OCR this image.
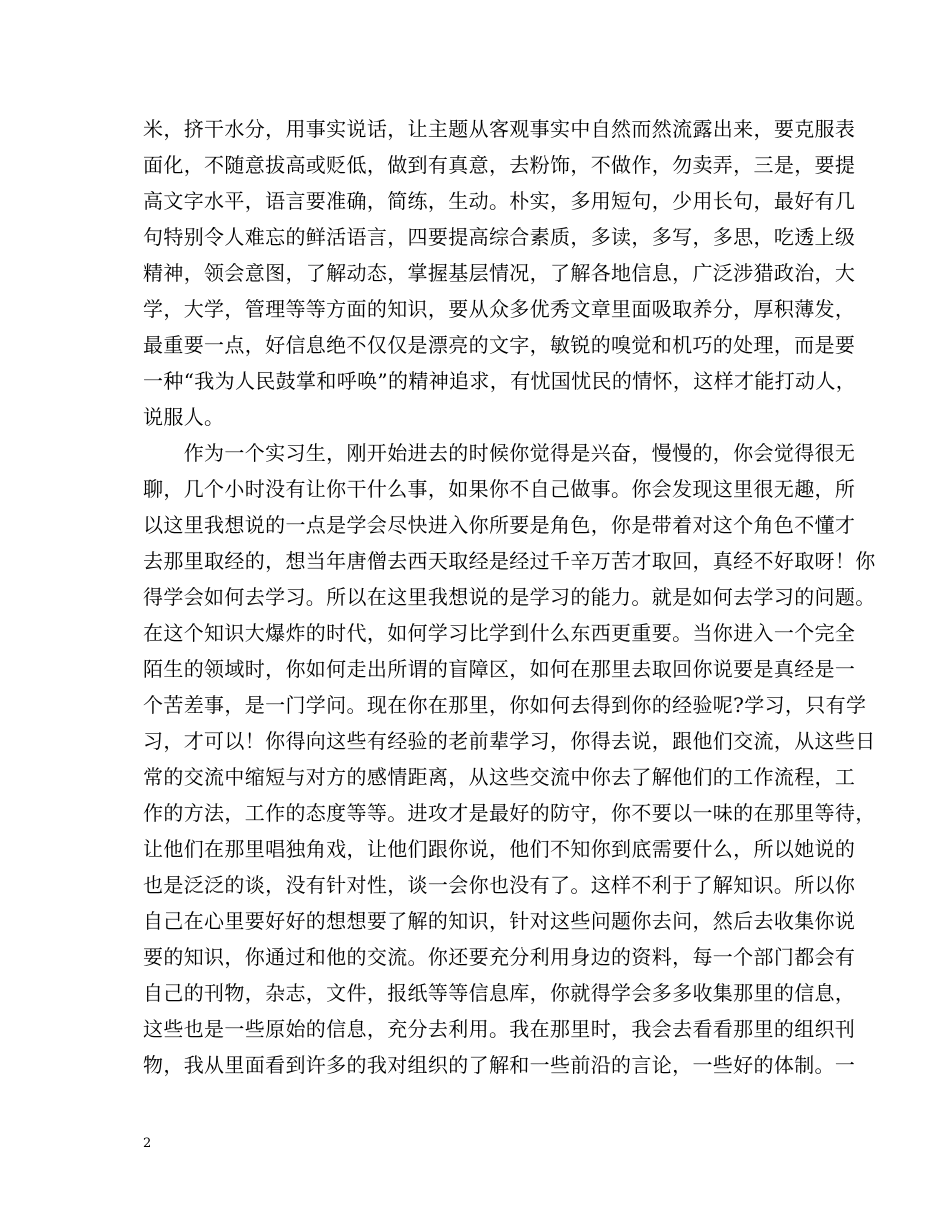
米，挤干水分，用事实说话，让主题从客观事实中自然而然流露出来，要克服表
面化，不随意拔高或贬低，做到有真意，去粉饰，不做作，勿卖弄，三是，要提
高文字水平，语言要准确，简练，生动。朴实，多用短句，少用长句，最好有几
句特别令人难忘的鲜活语言，四要提高综合素质，多读，多写，多思，吃透上级
精神，领会意图，了解动态，掌握基层情况，了解各地信息，广泛涉猎政治，大
学，大学，管理等等方面的知识，要从众多优秀文章里面吸取养分，厚积薄发，
最重要一点，好信息绝不仅仅是漂亮的文字，敏锐的嗅觉和机巧的处理，而是要
一种“我为人民鼓掌和呼唤”的精神追求，有忧国忧民的情怀，这样才能打动人，
说服人。
　　作为一个实习生，刚开始进去的时候你觉得是兴奋，慢慢的，你会觉得很无
聊，几个小时没有让你干什么事，如果你不自己做事。你会发现这里很无趣，所
以这里我想说的一点是学会尽快进入你所要是角色，你是带着对这个角色不懂才
去那里取经的，想当年唐僧去西天取经是经过千辛万苦才取回，真经不好取呀！你
得学会如何去学习。所以在这里我想说的是学习的能力。就是如何去学习的问题。
在这个知识大爆炸的时代，如何学习比学到什么东西更重要。当你进入一个完全
陌生的领域时，你如何走出所谓的盲障区，如何在那里去取回你说要是真经是一
个苦差事，是一门学问。现在你在那里，你如何去得到你的经验呢?学习，只有学
习，才可以！你得向这些有经验的老前辈学习，你得去说，跟他们交流，从这些日
常的交流中缩短与对方的感情距离，从这些交流中你去了解他们的工作流程，工
作的方法，工作的态度等等。进攻才是最好的防守，你不要以一味的在那里等待，
让他们在那里唱独角戏，让他们跟你说，他们不知你到底需要什么，所以她说的
也是泛泛的谈，没有针对性，谈一会你也没有了。这样不利于了解知识。所以你
自己在心里要好好的想想要了解的知识，针对这些问题你去问，然后去收集你说
要的知识，你通过和他的交流。你还要充分利用身边的资料，每一个部门都会有
自己的刊物，杂志，文件，报纸等等信息库，你就得学会多多收集那里的信息，
这些也是一些原始的信息，充分去利用。我在那里时，我会去看看那里的组织刊
物，我从里面看到许多的我对组织的了解和一些前沿的言论，一些好的体制。一
2
